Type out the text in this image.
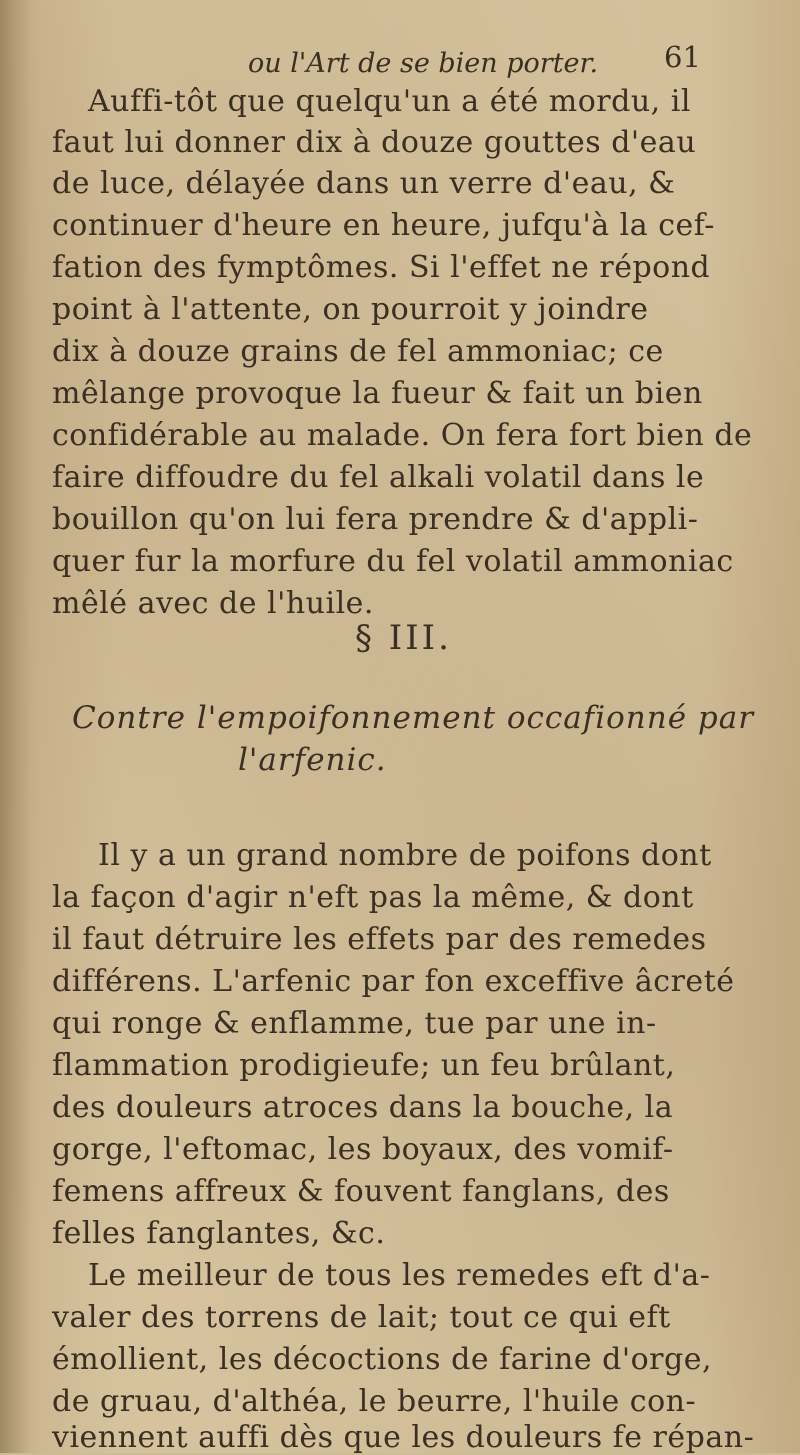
ou l'Art de se bien porter. 61
Auffi-tôt que quelqu'un a été mordu, il
faut lui donner dix à douze gouttes d'eau
de luce, délayée dans un verre d'eau, &
continuer d'heure en heure, jufqu'à la cef-
fation des fymptômes. Si l'effet ne répond
point à l'attente, on pourroit y joindre
dix à douze grains de fel ammoniac; ce
mêlange provoque la fueur & fait un bien
confidérable au malade. On fera fort bien de
faire diffoudre du fel alkali volatil dans le
bouillon qu'on lui fera prendre & d'appli-
quer fur la morfure du fel volatil ammoniac
mêlé avec de l'huile.
§ III.
Contre l'empoifonnement occafionné par
l'arfenic.
Il y a un grand nombre de poifons dont
la façon d'agir n'eft pas la même, & dont
il faut détruire les effets par des remedes
différens. L'arfenic par fon exceffive âcreté
qui ronge & enflamme, tue par une in-
flammation prodigieufe; un feu brûlant,
des douleurs atroces dans la bouche, la
gorge, l'eftomac, les boyaux, des vomif-
femens affreux & fouvent fanglans, des
felles fanglantes, &c.
Le meilleur de tous les remedes eft d'a-
valer des torrens de lait; tout ce qui eft
émollient, les décoctions de farine d'orge,
de gruau, d'althéa, le beurre, l'huile con-
viennent auffi dès que les douleurs fe répan-
